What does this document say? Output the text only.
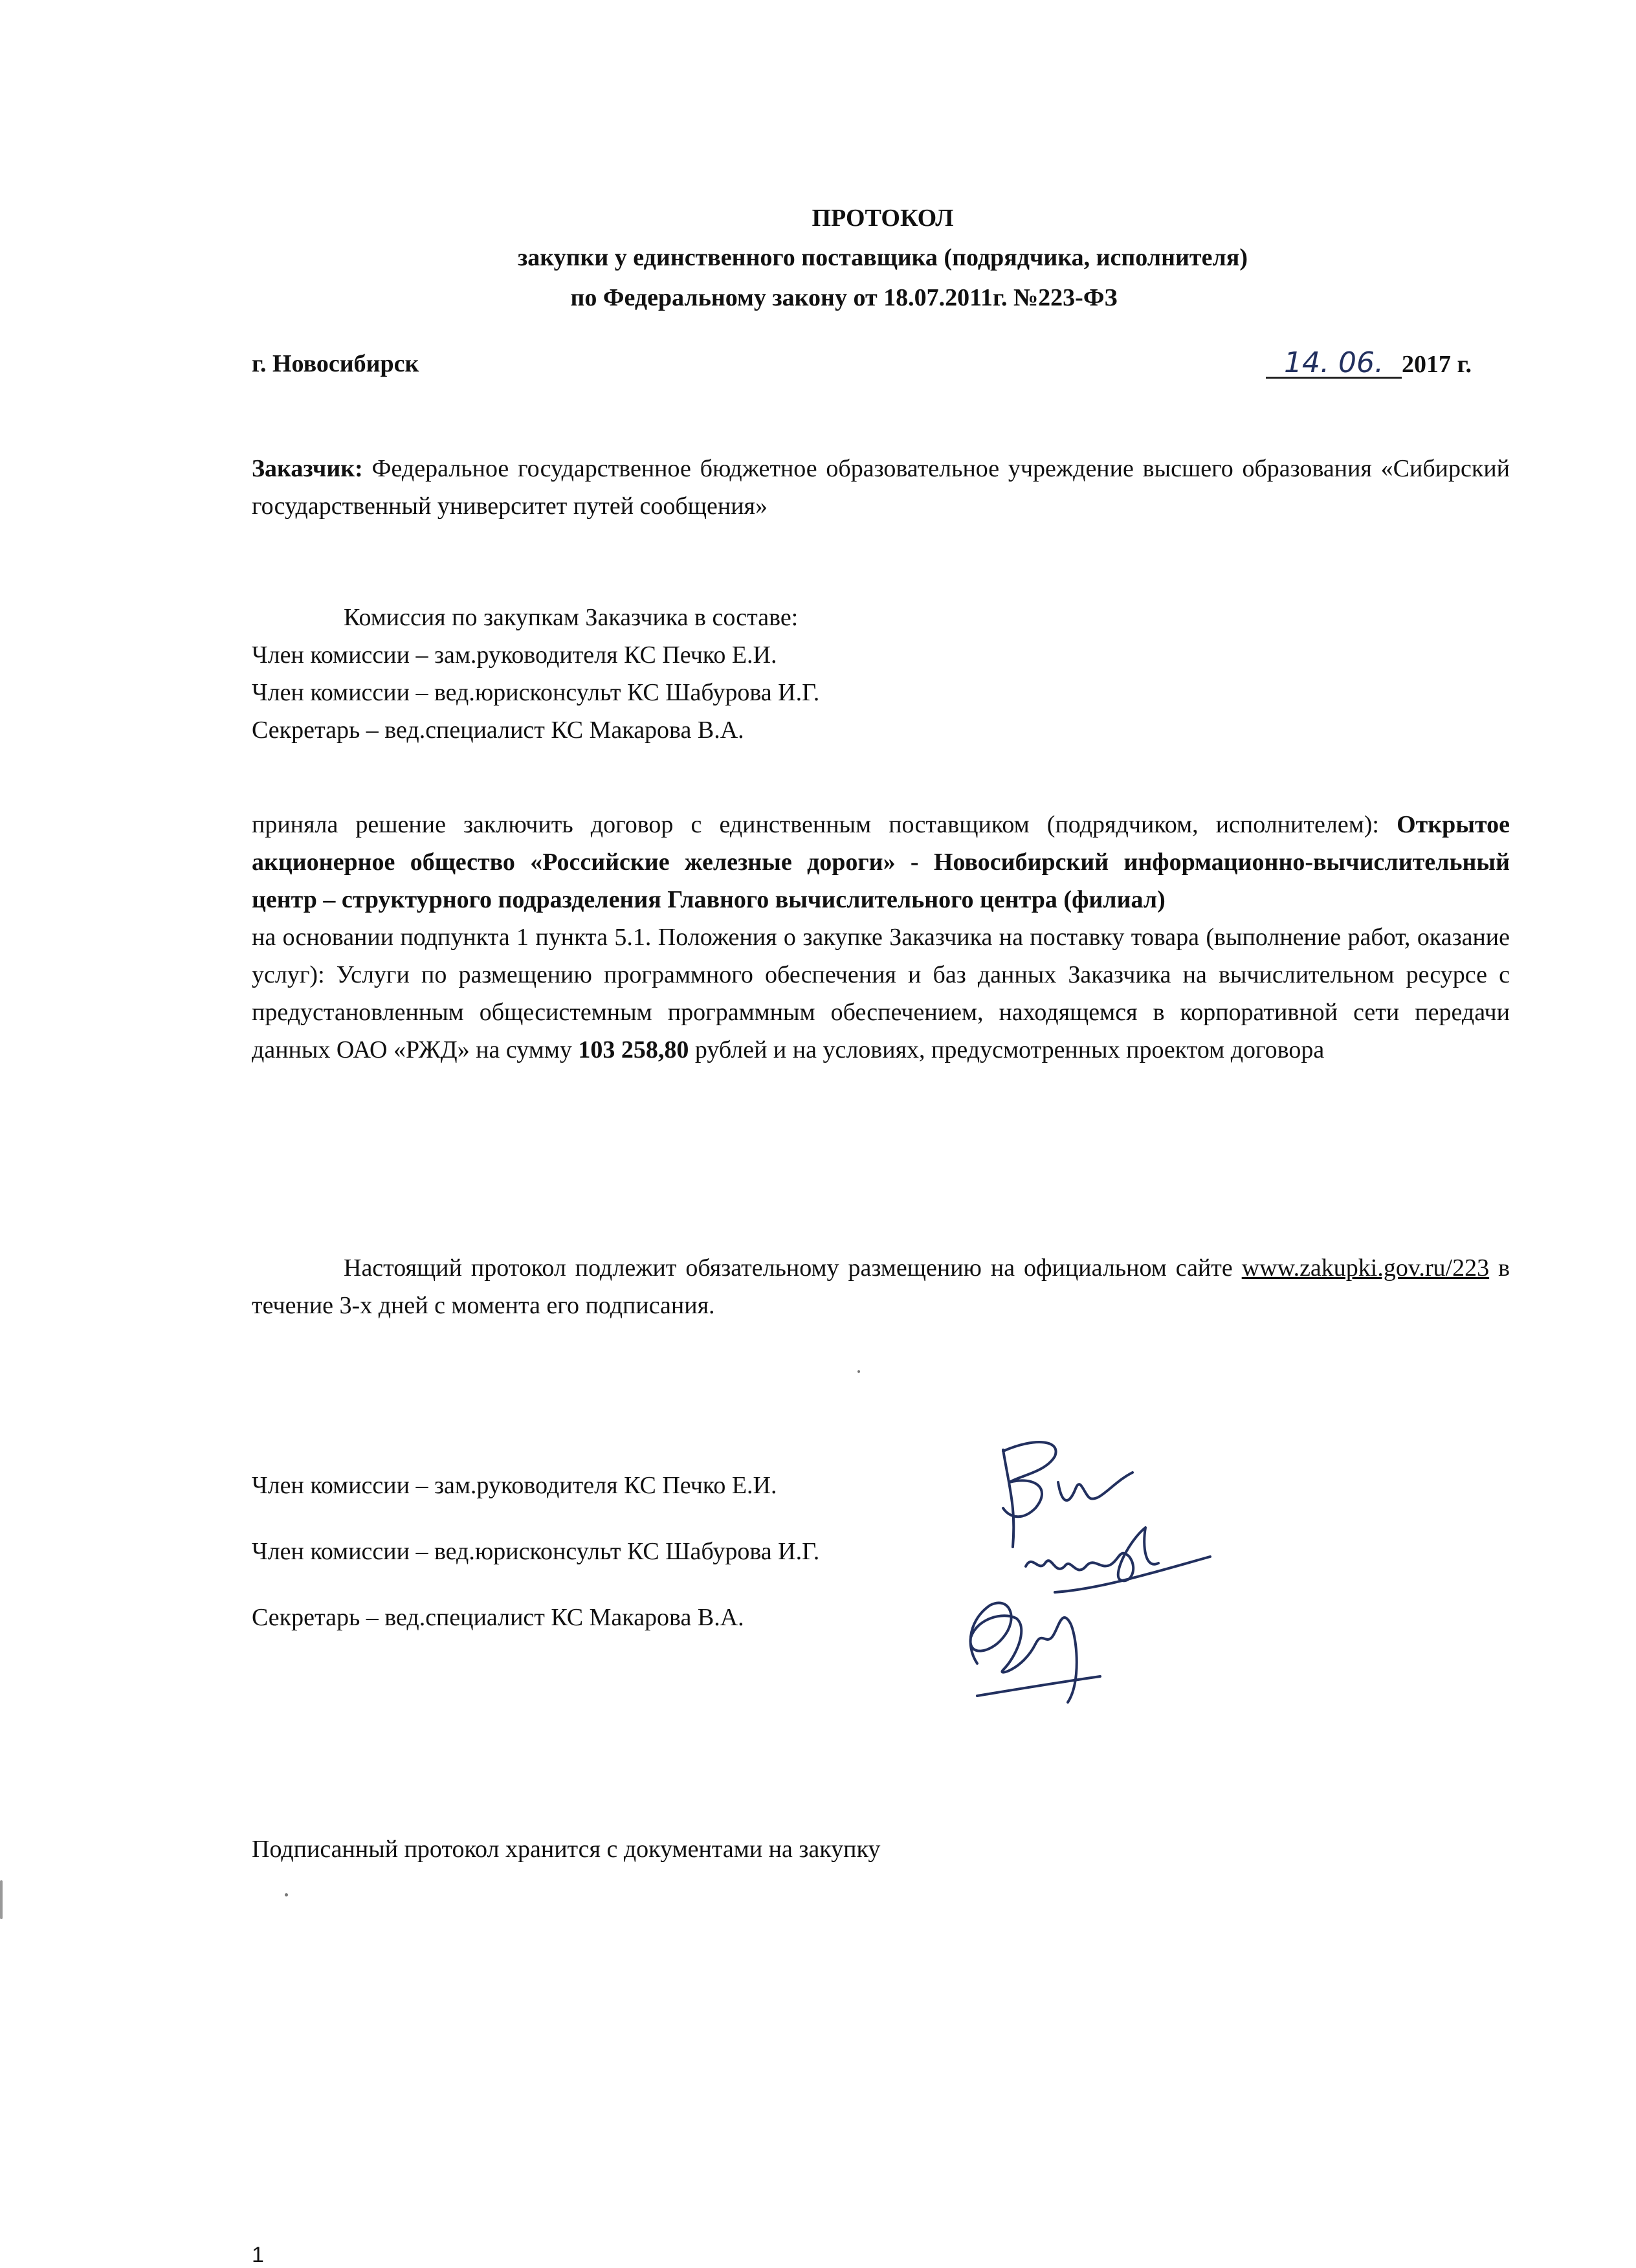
ПРОТОКОЛ
закупки у единственного поставщика (подрядчика, исполнителя)
по Федеральному закону от 18.07.2011г. №223-ФЗ
г. Новосибирск	14. 06. 2017 г.

Заказчик: Федеральное государственное бюджетное образовательное учреждение высшего образования «Сибирский государственный университет путей сообщения»

Комиссия по закупкам Заказчика в составе:

Член комиссии – зам.руководителя КС Печко Е.И.

Член комиссии – вед.юрисконсульт КС Шабурова И.Г.

Секретарь – вед.специалист КС Макарова В.А.

приняла решение заключить договор с единственным поставщиком (подрядчиком, исполнителем): Открытое акционерное общество «Российские железные дороги» - Новосибирский информационно-вычислительный центр – структурного подразделения Главного вычислительного центра (филиал)

на основании подпункта 1 пункта 5.1. Положения о закупке Заказчика на поставку товара (выполнение работ, оказание услуг): Услуги по размещению программного обеспечения и баз данных Заказчика на вычислительном ресурсе с предустановленным общесистемным программным обеспечением, находящемся в корпоративной сети передачи данных ОАО «РЖД» на сумму 103 258,80 рублей и на условиях, предусмотренных проектом договора

Настоящий протокол подлежит обязательному размещению на официальном сайте www.zakupki.gov.ru/223 в течение 3-х дней с момента его подписания.

Член комиссии – зам.руководителя КС Печко Е.И.
Член комиссии – вед.юрисконсульт КС Шабурова И.Г.
Секретарь – вед.специалист КС Макарова В.А.
Подписанный протокол хранится с документами на закупку
1
